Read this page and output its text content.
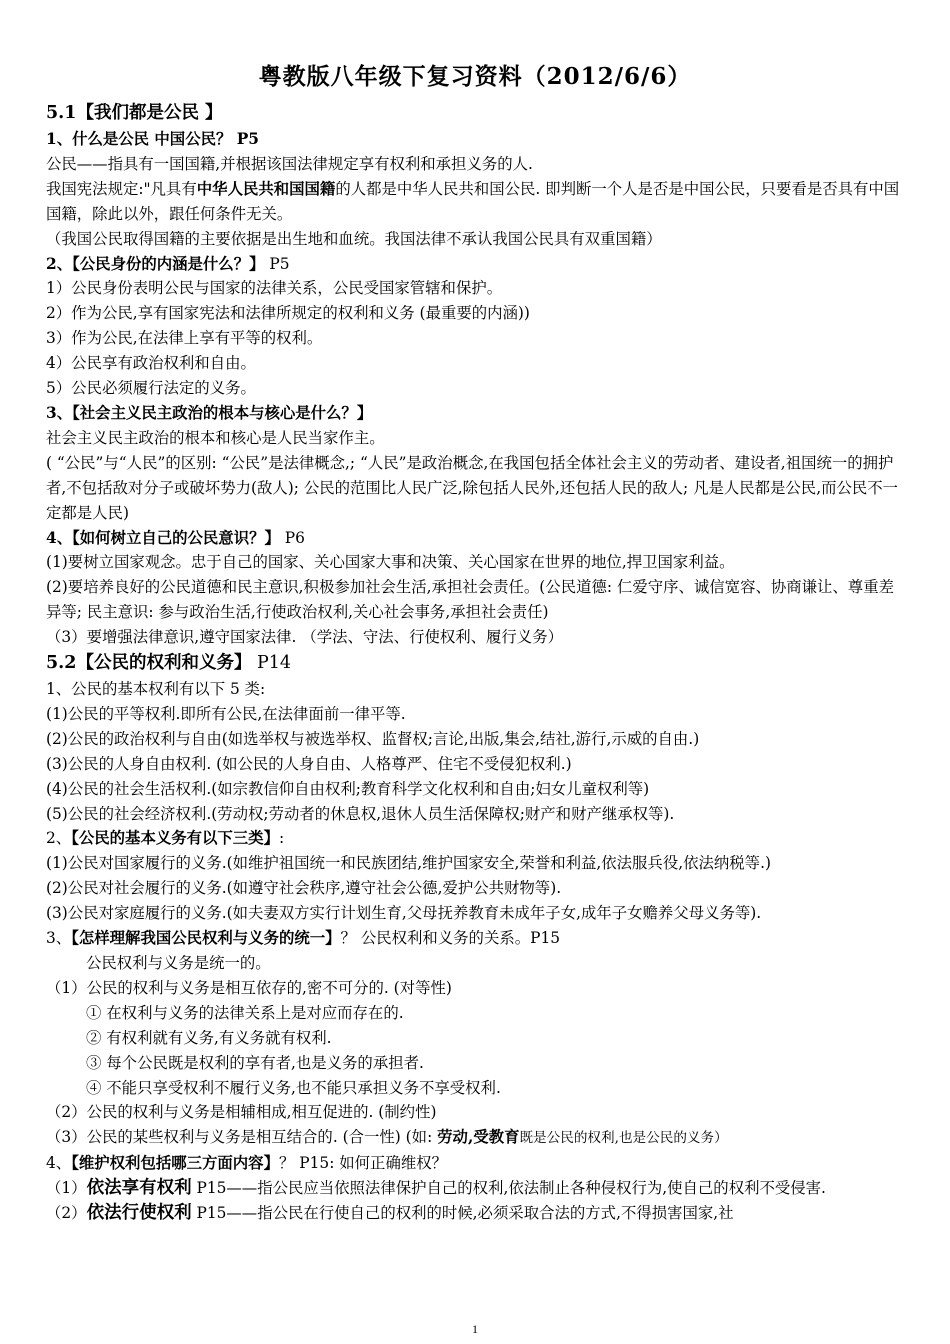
粤教版八年级下复习资料（2012/6/6）

5.1【我们都是公民 】

1、什么是公民 中国公民？ P5

公民——指具有一国国籍,并根据该国法律规定享有权利和承担义务的人.

我国宪法规定:"凡具有中华人民共和国国籍的人都是中华人民共和国公民. 即判断一个人是否是中国公民，只要看是否具有中国国籍，除此以外，跟任何条件无关。

（我国公民取得国籍的主要依据是出生地和血统。我国法律不承认我国公民具有双重国籍）

2、【公民身份的内涵是什么？】 P5

1）公民身份表明公民与国家的法律关系，公民受国家管辖和保护。

2）作为公民,享有国家宪法和法律所规定的权利和义务 (最重要的内涵))

3）作为公民,在法律上享有平等的权利。

4）公民享有政治权利和自由。

5）公民必须履行法定的义务。

3、【社会主义民主政治的根本与核心是什么？】

社会主义民主政治的根本和核心是人民当家作主。

( “公民”与“人民”的区别: “公民”是法律概念,; “人民”是政治概念,在我国包括全体社会主义的劳动者、建设者,祖国统一的拥护者,不包括敌对分子或破坏势力(敌人); 公民的范围比人民广泛,除包括人民外,还包括人民的敌人; 凡是人民都是公民,而公民不一定都是人民)

4、【如何树立自己的公民意识？】 P6

(1)要树立国家观念。忠于自己的国家、关心国家大事和决策、关心国家在世界的地位,捍卫国家利益。

(2)要培养良好的公民道德和民主意识,积极参加社会生活,承担社会责任。(公民道德: 仁爱守序、诚信宽容、协商谦让、尊重差异等; 民主意识: 参与政治生活,行使政治权利,关心社会事务,承担社会责任)

（3）要增强法律意识,遵守国家法律. （学法、守法、行使权利、履行义务）

5.2【公民的权利和义务】 P14

1、公民的基本权利有以下 5 类:

(1)公民的平等权利.即所有公民,在法律面前一律平等.

(2)公民的政治权利与自由(如选举权与被选举权、监督权;言论,出版,集会,结社,游行,示威的自由.)

(3)公民的人身自由权利. (如公民的人身自由、人格尊严、住宅不受侵犯权利.)

(4)公民的社会生活权利.(如宗教信仰自由权利;教育科学文化权利和自由;妇女儿童权利等)

(5)公民的社会经济权利.(劳动权;劳动者的休息权,退休人员生活保障权;财产和财产继承权等).

2、【公民的基本义务有以下三类】:

(1)公民对国家履行的义务.(如维护祖国统一和民族团结,维护国家安全,荣誉和利益,依法服兵役,依法纳税等.)

(2)公民对社会履行的义务.(如遵守社会秩序,遵守社会公德,爱护公共财物等).

(3)公民对家庭履行的义务.(如夫妻双方实行计划生育,父母抚养教育未成年子女,成年子女赡养父母义务等).

3、【怎样理解我国公民权利与义务的统一】？ 公民权利和义务的关系。P15

公民权利与义务是统一的。

（1）公民的权利与义务是相互依存的,密不可分的. (对等性)

① 在权利与义务的法律关系上是对应而存在的.

② 有权利就有义务,有义务就有权利.

③ 每个公民既是权利的享有者,也是义务的承担者.

④ 不能只享受权利不履行义务,也不能只承担义务不享受权利.

（2）公民的权利与义务是相辅相成,相互促进的. (制约性)

（3）公民的某些权利与义务是相互结合的. (合一性) (如: 劳动,受教育既是公民的权利,也是公民的义务）

4、【维护权利包括哪三方面内容】？ P15: 如何正确维权？

（1）依法享有权利 P15——指公民应当依照法律保护自己的权利,依法制止各种侵权行为,使自己的权利不受侵害.

（2）依法行使权利 P15——指公民在行使自己的权利的时候,必须采取合法的方式,不得损害国家,社

1
